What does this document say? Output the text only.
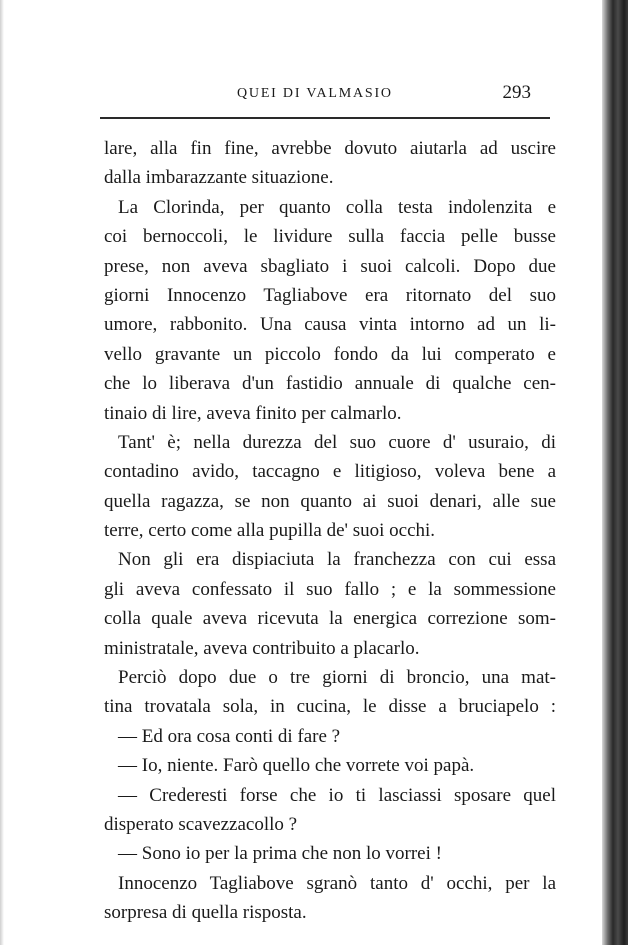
QUEI DI VALMASIO	293
lare, alla fin fine, avrebbe dovuto aiutarla ad uscire
dalla imbarazzante situazione.
La Clorinda, per quanto colla testa indolenzita e
coi bernoccoli, le lividure sulla faccia pelle busse
prese, non aveva sbagliato i suoi calcoli. Dopo due
giorni Innocenzo Tagliabove era ritornato del suo
umore, rabbonito. Una causa vinta intorno ad un li-
vello gravante un piccolo fondo da lui comperato e
che lo liberava d'un fastidio annuale di qualche cen-
tinaio di lire, aveva finito per calmarlo.
Tant' è; nella durezza del suo cuore d' usuraio, di
contadino avido, taccagno e litigioso, voleva bene a
quella ragazza, se non quanto ai suoi denari, alle sue
terre, certo come alla pupilla de' suoi occhi.
Non gli era dispiaciuta la franchezza con cui essa
gli aveva confessato il suo fallo ; e la sommessione
colla quale aveva ricevuta la energica correzione som-
ministratale, aveva contribuito a placarlo.
Perciò dopo due o tre giorni di broncio, una mat-
tina trovatala sola, in cucina, le disse a bruciapelo :
— Ed ora cosa conti di fare ?
— Io, niente. Farò quello che vorrete voi papà.
— Crederesti forse che io ti lasciassi sposare quel
disperato scavezzacollo ?
— Sono io per la prima che non lo vorrei !
Innocenzo Tagliabove sgranò tanto d' occhi, per la
sorpresa di quella risposta.
